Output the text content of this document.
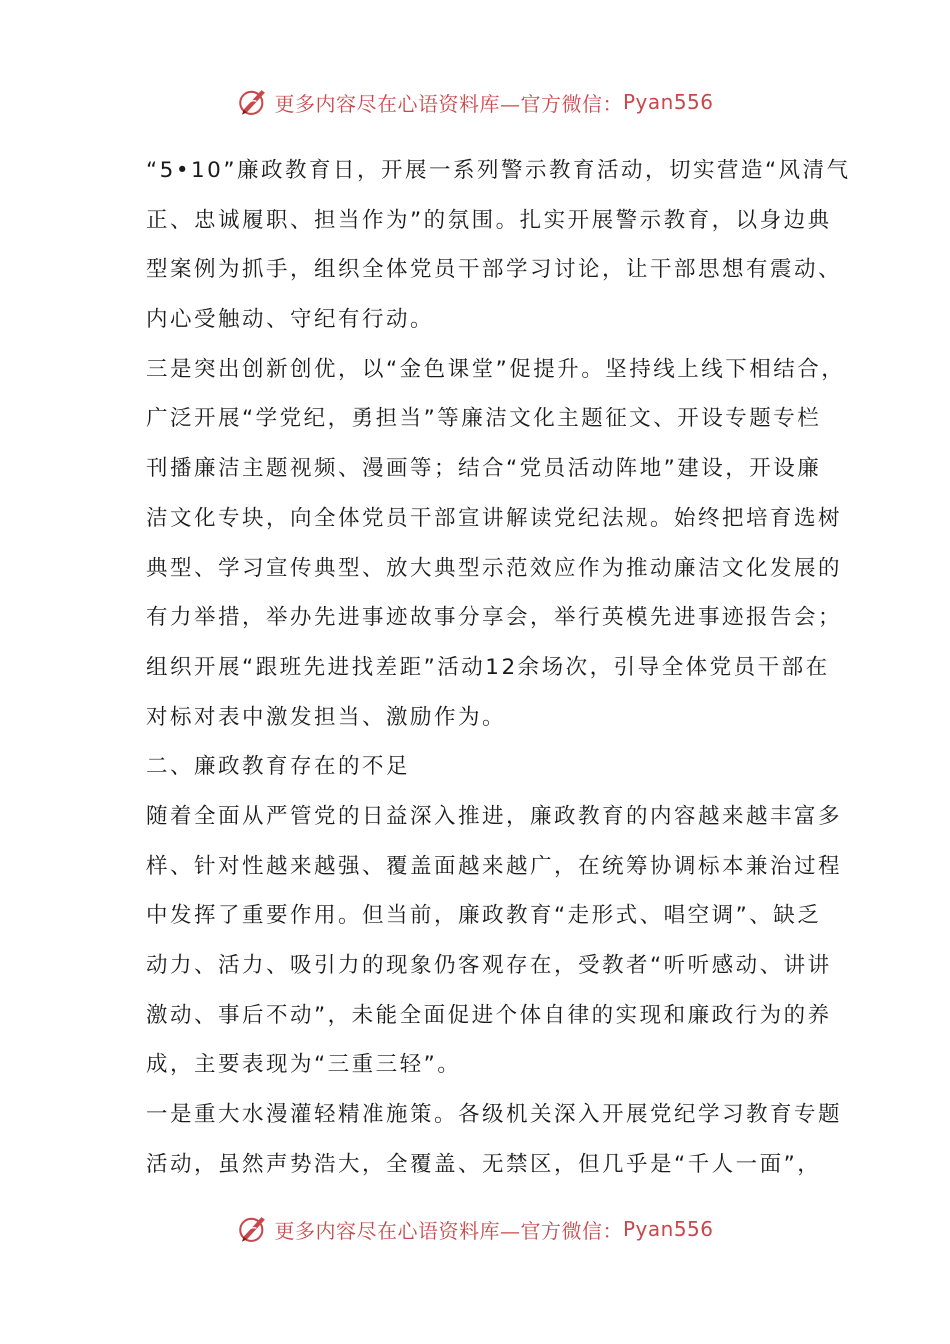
更多内容尽在心语资料库—官方微信： Pyan556
“5•10”廉政教育日，开展一系列警示教育活动，切实营造“风清气
正、忠诚履职、担当作为”的氛围。扎实开展警示教育，以身边典
型案例为抓手，组织全体党员干部学习讨论，让干部思想有震动、
内心受触动、守纪有行动。
三是突出创新创优，以“金色课堂”促提升。坚持线上线下相结合，
广泛开展“学党纪，勇担当”等廉洁文化主题征文、开设专题专栏
刊播廉洁主题视频、漫画等；结合“党员活动阵地”建设，开设廉
洁文化专块，向全体党员干部宣讲解读党纪法规。始终把培育选树
典型、学习宣传典型、放大典型示范效应作为推动廉洁文化发展的
有力举措，举办先进事迹故事分享会，举行英模先进事迹报告会；
组织开展“跟班先进找差距”活动12余场次，引导全体党员干部在
对标对表中激发担当、激励作为。
二、廉政教育存在的不足
随着全面从严管党的日益深入推进，廉政教育的内容越来越丰富多
样、针对性越来越强、覆盖面越来越广，在统筹协调标本兼治过程
中发挥了重要作用。但当前，廉政教育“走形式、唱空调”、缺乏
动力、活力、吸引力的现象仍客观存在，受教者“听听感动、讲讲
激动、事后不动”，未能全面促进个体自律的实现和廉政行为的养
成，主要表现为“三重三轻”。
一是重大水漫灌轻精准施策。各级机关深入开展党纪学习教育专题
活动，虽然声势浩大，全覆盖、无禁区，但几乎是“千人一面”，
更多内容尽在心语资料库—官方微信： Pyan556
